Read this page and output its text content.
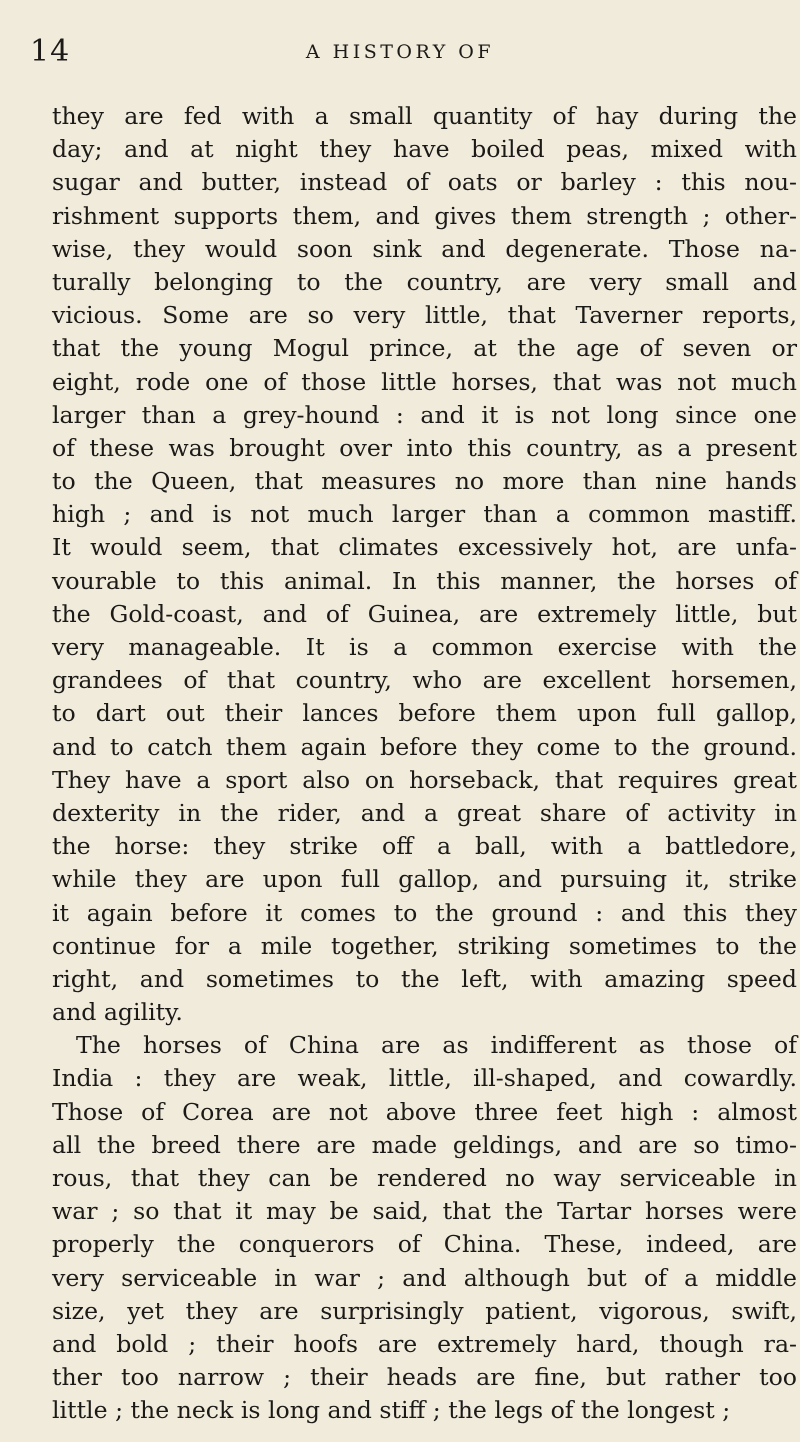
14	A HISTORY OF
they are fed with a small quantity of hay during the
day; and at night they have boiled peas, mixed with
sugar and butter, instead of oats or barley : this nou-
rishment supports them, and gives them strength ; other-
wise, they would soon sink and degenerate. Those na-
turally belonging to the country, are very small and
vicious. Some are so very little, that Taverner reports,
that the young Mogul prince, at the age of seven or
eight, rode one of those little horses, that was not much
larger than a grey-hound : and it is not long since one
of these was brought over into this country, as a present
to the Queen, that measures no more than nine hands
high ; and is not much larger than a common mastiff.
It would seem, that climates excessively hot, are unfa-
vourable to this animal. In this manner, the horses of
the Gold-coast, and of Guinea, are extremely little, but
very manageable. It is a common exercise with the
grandees of that country, who are excellent horsemen,
to dart out their lances before them upon full gallop,
and to catch them again before they come to the ground.
They have a sport also on horseback, that requires great
dexterity in the rider, and a great share of activity in
the horse: they strike off a ball, with a battledore,
while they are upon full gallop, and pursuing it, strike
it again before it comes to the ground : and this they
continue for a mile together, striking sometimes to the
right, and sometimes to the left, with amazing speed
and agility.
The horses of China are as indifferent as those of
India : they are weak, little, ill-shaped, and cowardly.
Those of Corea are not above three feet high : almost
all the breed there are made geldings, and are so timo-
rous, that they can be rendered no way serviceable in
war ; so that it may be said, that the Tartar horses were
properly the conquerors of China. These, indeed, are
very serviceable in war ; and although but of a middle
size, yet they are surprisingly patient, vigorous, swift,
and bold ; their hoofs are extremely hard, though ra-
ther too narrow ; their heads are fine, but rather too
little ; the neck is long and stiff ; the legs of the longest ;
